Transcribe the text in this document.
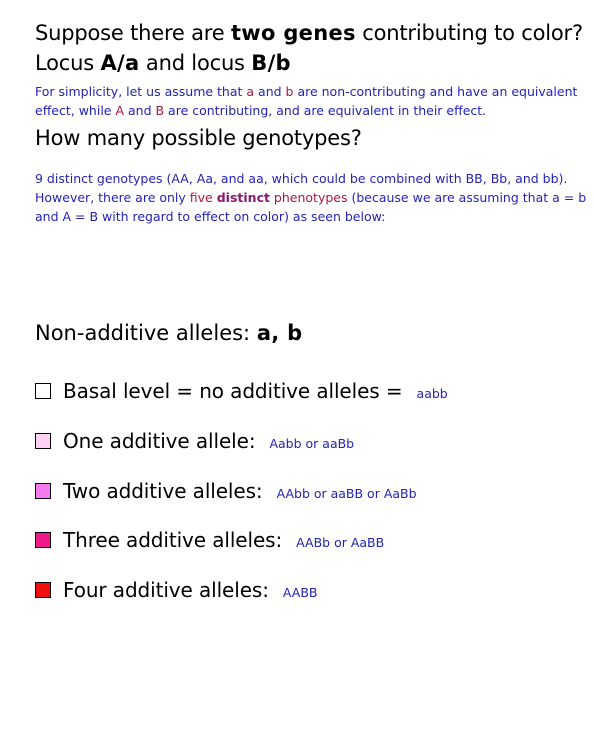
Suppose there are two genes contributing to color?
Locus A/a and locus B/b
For simplicity, let us assume that a and b are non-contributing and have an equivalent effect, while A and B are contributing, and are equivalent in their effect.
How many possible genotypes?
9 distinct genotypes (AA, Aa, and aa, which could be combined with BB, Bb, and bb). However, there are only five distinct phenotypes (because we are assuming that a = b and A = B with regard to effect on color) as seen below:
Non-additive alleles: a, b
Basal level = no additive alleles = aabb
One additive allele: Aabb or aaBb
Two additive alleles: AAbb or aaBB or AaBb
Three additive alleles: AABb or AaBB
Four additive alleles: AABB
